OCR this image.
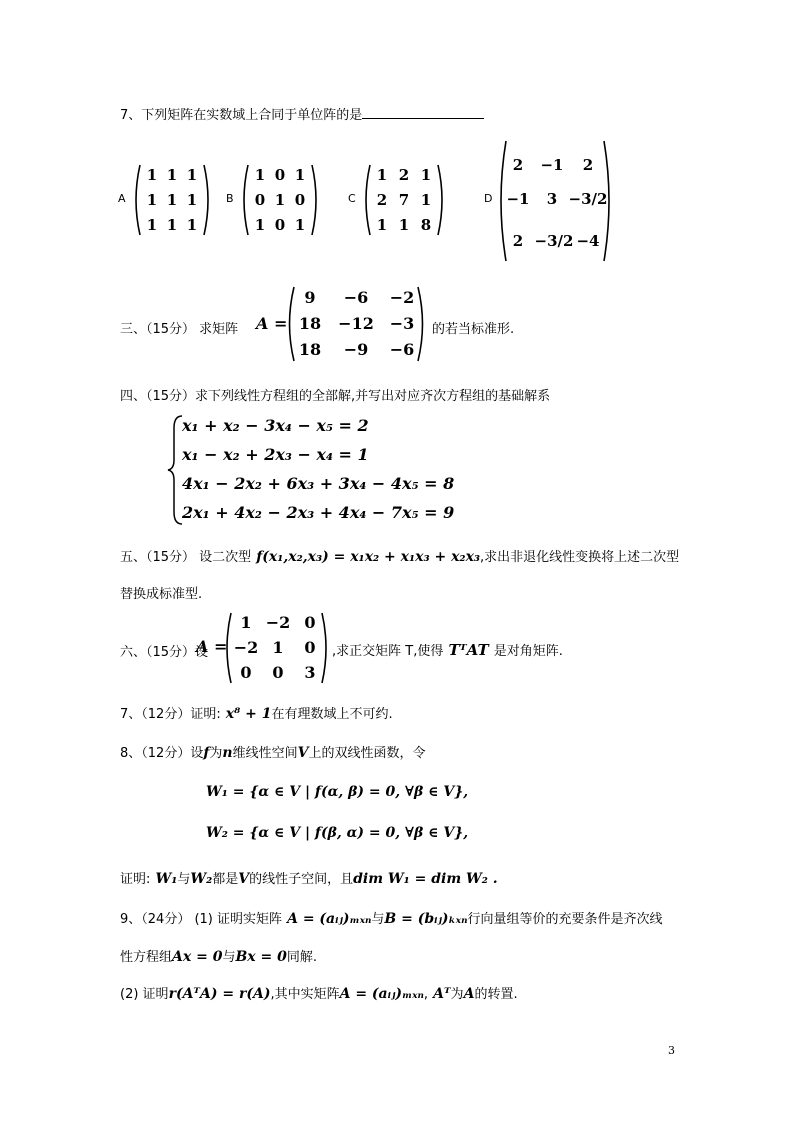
7、下列矩阵在实数域上合同于单位阵的是
A
1 1 1
1 1 1
1 1 1
B
1 0 1
0 1 0
1 0 1
C
1 2 1
2 7 1
1 1 8
D
2 −1 2
−1 3 −3/2
2 −3/2 −4
三、（15分） 求矩阵 A =
9 −6 −2
18 −12 −3
18 −9 −6
的若当标准形.
四、（15分）求下列线性方程组的全部解,并写出对应齐次方程组的基础解系
x₁ + x₂ − 3x₄ − x₅ = 2
x₁ − x₂ + 2x₃ − x₄ = 1
4x₁ − 2x₂ + 6x₃ + 3x₄ − 4x₅ = 8
2x₁ + 4x₂ − 2x₃ + 4x₄ − 7x₅ = 9
五、（15分） 设二次型 f(x₁,x₂,x₃) = x₁x₂ + x₁x₃ + x₂x₃,求出非退化线性变换将上述二次型
替换成标准型.
六、（15分）设
A =
1 −2 0
−2 1 0
0 0 3
,求正交矩阵 T,使得 TᵀAT 是对角矩阵.
7、（12分）证明: x⁸ + 1在有理数域上不可约.
8、（12分）设f为n维线性空间V上的双线性函数，令
W₁ = {α ∈ V | f(α, β) = 0, ∀β ∈ V},
W₂ = {α ∈ V | f(β, α) = 0, ∀β ∈ V},
证明: W₁与W₂都是V的线性子空间，且dim W₁ = dim W₂ .
9、（24分） (1) 证明实矩阵 A = (aᵢⱼ)ₘₓₙ与B = (bᵢⱼ)ₖₓₙ行向量组等价的充要条件是齐次线
性方程组Ax = 0与Bx = 0同解.
(2) 证明r(AᵀA) = r(A),其中实矩阵A = (aᵢⱼ)ₘₓₙ, Aᵀ为A的转置.
3
